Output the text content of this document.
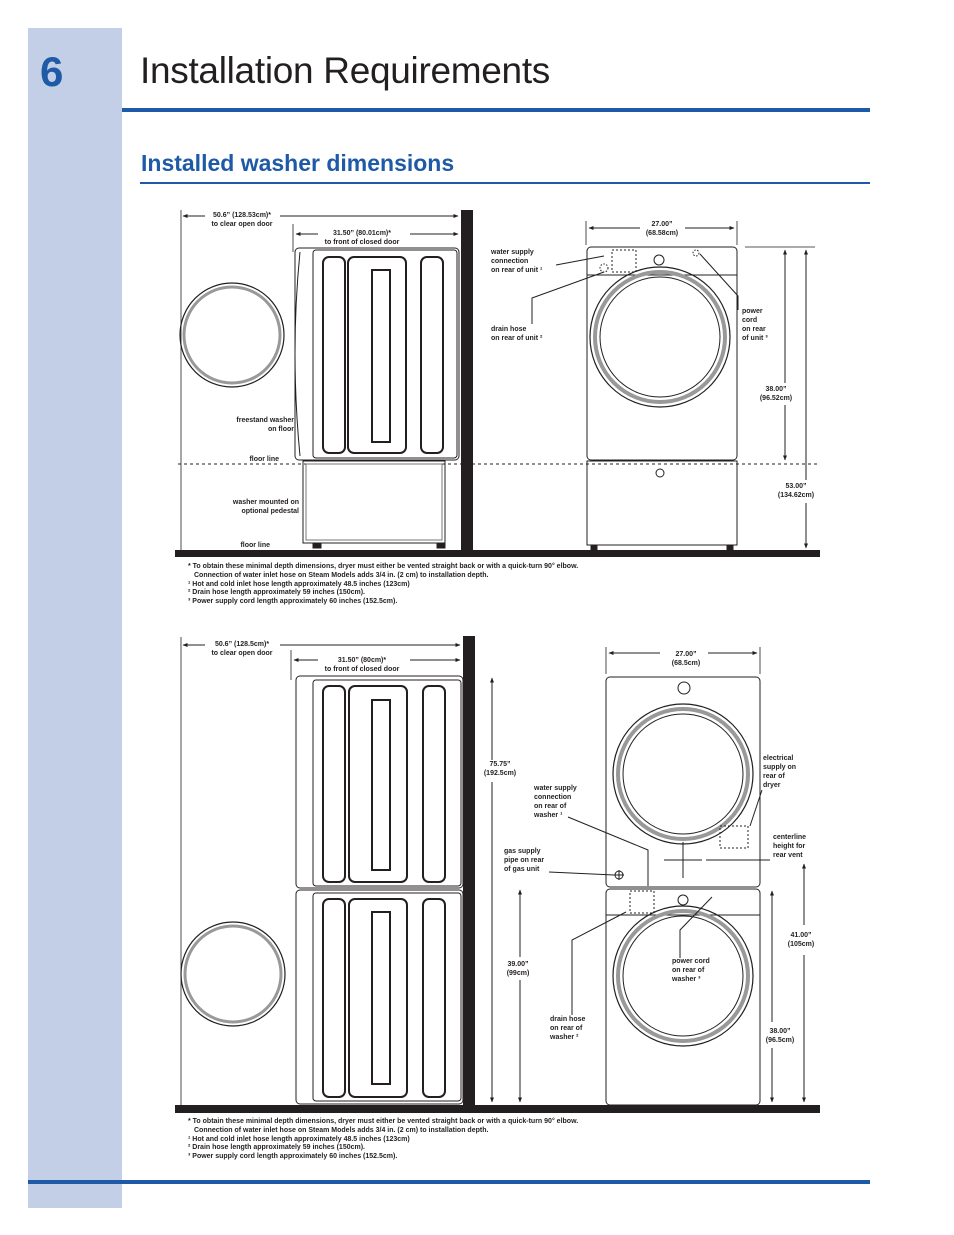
6 Installation Requirements
Installed washer dimensions
50.6” (128.53cm)*
to clear open door
31.50” (80.01cm)*
to front of closed door
freestand washer
on floor
floor line
washer mounted on
optional pedestal
floor line
27.00”
(68.58cm)
water supply
connection
on rear of unit ¹
drain hose
on rear of unit ²
power
cord
on rear
of unit ³
38.00”
(96.52cm)
53.00”
(134.62cm)
50.6” (128.5cm)*
to clear open door
31.50” (80cm)*
to front of closed door
27.00”
(68.5cm)
75.75”
(192.5cm)
water supply
connection
on rear of
washer ¹
gas supply
pipe on rear
of gas unit
39.00”
(99cm)
drain hose
on rear of
washer ²
electrical
supply on
rear of
dryer
centerline
height for
rear vent
power cord
on rear of
washer ³
41.00”
(105cm)
38.00”
(96.5cm)
* To obtain these minimal depth dimensions, dryer must either be vented straight back or with a quick-turn 90° elbow.
Connection of water inlet hose on Steam Models adds 3/4 in. (2 cm) to installation depth.
¹ Hot and cold inlet hose length approximately 48.5 inches (123cm)
² Drain hose length approximately 59 inches (150cm).
³ Power supply cord length approximately 60 inches (152.5cm).
* To obtain these minimal depth dimensions, dryer must either be vented straight back or with a quick-turn 90° elbow.
Connection of water inlet hose on Steam Models adds 3/4 in. (2 cm) to installation depth.
¹ Hot and cold inlet hose length approximately 48.5 inches (123cm)
² Drain hose length approximately 59 inches (150cm).
³ Power supply cord length approximately 60 inches (152.5cm).
